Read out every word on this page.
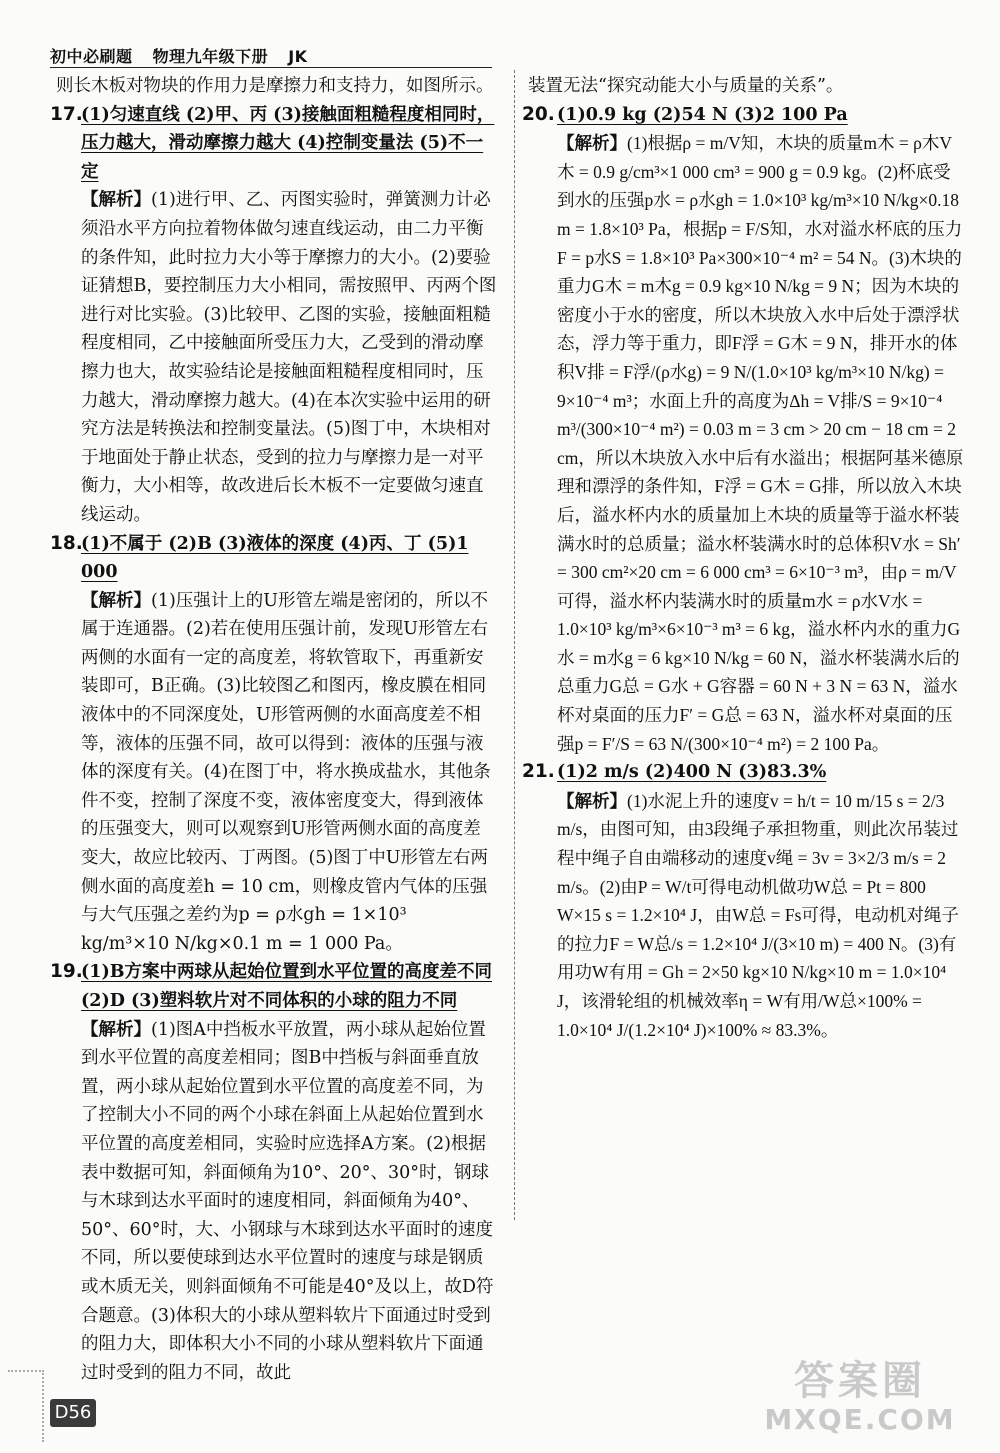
初中必刷题 物理九年级下册 JK

则长木板对物块的作用力是摩擦力和支持力，如图所示。

17.

(1)匀速直线 (2)甲、丙 (3)接触面粗糙程度相同时，压力越大，滑动摩擦力越大 (4)控制变量法 (5)不一定

【解析】(1)进行甲、乙、丙图实验时，弹簧测力计必须沿水平方向拉着物体做匀速直线运动，由二力平衡的条件知，此时拉力大小等于摩擦力的大小。(2)要验证猜想B，要控制压力大小相同，需按照甲、丙两个图进行对比实验。(3)比较甲、乙图的实验，接触面粗糙程度相同，乙中接触面所受压力大，乙受到的滑动摩擦力也大，故实验结论是接触面粗糙程度相同时，压力越大，滑动摩擦力越大。(4)在本次实验中运用的研究方法是转换法和控制变量法。(5)图丁中，木块相对于地面处于静止状态，受到的拉力与摩擦力是一对平衡力，大小相等，故改进后长木板不一定要做匀速直线运动。

18.

(1)不属于 (2)B (3)液体的深度 (4)丙、丁 (5)1 000

【解析】(1)压强计上的U形管左端是密闭的，所以不属于连通器。(2)若在使用压强计前，发现U形管左右两侧的水面有一定的高度差，将软管取下，再重新安装即可，B正确。(3)比较图乙和图丙，橡皮膜在相同液体中的不同深度处，U形管两侧的水面高度差不相等，液体的压强不同，故可以得到：液体的压强与液体的深度有关。(4)在图丁中，将水换成盐水，其他条件不变，控制了深度不变，液体密度变大，得到液体的压强变大，则可以观察到U形管两侧水面的高度差变大，故应比较丙、丁两图。(5)图丁中U形管左右两侧水面的高度差h = 10 cm，则橡皮管内气体的压强与大气压强之差约为p = ρ水gh = 1×10³ kg/m³×10 N/kg×0.1 m = 1 000 Pa。

19.

(1)B方案中两球从起始位置到水平位置的高度差不同 (2)D (3)塑料软片对不同体积的小球的阻力不同

【解析】(1)图A中挡板水平放置，两小球从起始位置到水平位置的高度差相同；图B中挡板与斜面垂直放置，两小球从起始位置到水平位置的高度差不同，为了控制大小不同的两个小球在斜面上从起始位置到水平位置的高度差相同，实验时应选择A方案。(2)根据表中数据可知，斜面倾角为10°、20°、30°时，钢球与木球到达水平面时的速度相同，斜面倾角为40°、50°、60°时，大、小钢球与木球到达水平面时的速度不同，所以要使球到达水平位置时的速度与球是钢质或木质无关，则斜面倾角不可能是40°及以上，故D符合题意。(3)体积大的小球从塑料软片下面通过时受到的阻力大，即体积大小不同的小球从塑料软片下面通过时受到的阻力不同，故此

装置无法“探究动能大小与质量的关系”。

20. (1)0.9 kg (2)54 N (3)2 100 Pa

【解析】(1)根据ρ = m/V知，木块的质量m木 = ρ木V木 = 0.9 g/cm³×1 000 cm³ = 900 g = 0.9 kg。(2)杯底受到水的压强p水 = ρ水gh = 1.0×10³ kg/m³×10 N/kg×0.18 m = 1.8×10³ Pa，根据p = F/S知，水对溢水杯底的压力F = p水S = 1.8×10³ Pa×300×10⁻⁴ m² = 54 N。(3)木块的重力G木 = m木g = 0.9 kg×10 N/kg = 9 N；因为木块的密度小于水的密度，所以木块放入水中后处于漂浮状态，浮力等于重力，即F浮 = G木 = 9 N，排开水的体积V排 = F浮/(ρ水g) = 9 N/(1.0×10³ kg/m³×10 N/kg) = 9×10⁻⁴ m³；水面上升的高度为Δh = V排/S = 9×10⁻⁴ m³/(300×10⁻⁴ m²) = 0.03 m = 3 cm > 20 cm − 18 cm = 2 cm，所以木块放入水中后有水溢出；根据阿基米德原理和漂浮的条件知，F浮 = G木 = G排，所以放入木块后，溢水杯内水的质量加上木块的质量等于溢水杯装满水时的总质量；溢水杯装满水时的总体积V水 = Sh′ = 300 cm²×20 cm = 6 000 cm³ = 6×10⁻³ m³，由ρ = m/V可得，溢水杯内装满水时的质量m水 = ρ水V水 = 1.0×10³ kg/m³×6×10⁻³ m³ = 6 kg，溢水杯内水的重力G水 = m水g = 6 kg×10 N/kg = 60 N，溢水杯装满水后的总重力G总 = G水 + G容器 = 60 N + 3 N = 63 N，溢水杯对桌面的压力F′ = G总 = 63 N，溢水杯对桌面的压强p = F′/S = 63 N/(300×10⁻⁴ m²) = 2 100 Pa。

21. (1)2 m/s (2)400 N (3)83.3%

【解析】(1)水泥上升的速度v = h/t = 10 m/15 s = 2/3 m/s，由图可知，由3段绳子承担物重，则此次吊装过程中绳子自由端移动的速度v绳 = 3v = 3×2/3 m/s = 2 m/s。(2)由P = W/t可得电动机做功W总 = Pt = 800 W×15 s = 1.2×10⁴ J，由W总 = Fs可得，电动机对绳子的拉力F = W总/s = 1.2×10⁴ J/(3×10 m) = 400 N。(3)有用功W有用 = Gh = 2×50 kg×10 N/kg×10 m = 1.0×10⁴ J，该滑轮组的机械效率η = W有用/W总×100% = 1.0×10⁴ J/(1.2×10⁴ J)×100% ≈ 83.3%。

D56
答案圈
MXQE.COM
